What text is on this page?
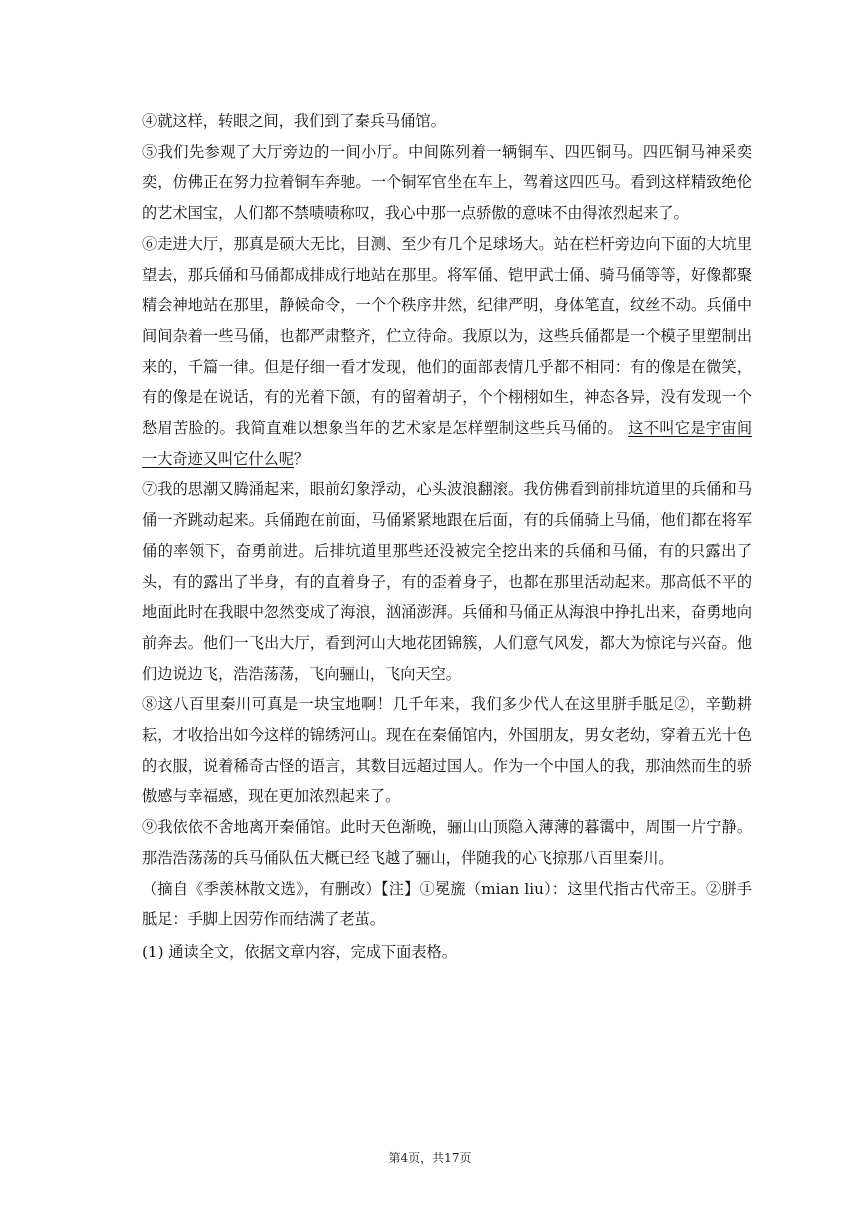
④就这样，转眼之间，我们到了秦兵马俑馆。

⑤我们先参观了大厅旁边的一间小厅。中间陈列着一辆铜车、四匹铜马。四匹铜马神采奕奕，仿佛正在努力拉着铜车奔驰。一个铜军官坐在车上，驾着这四匹马。看到这样精致绝伦的艺术国宝，人们都不禁啧啧称叹，我心中那一点骄傲的意味不由得浓烈起来了。

⑥走进大厅，那真是硕大无比，目测、至少有几个足球场大。站在栏杆旁边向下面的大坑里望去，那兵俑和马俑都成排成行地站在那里。将军俑、铠甲武士俑、骑马俑等等，好像都聚精会神地站在那里，静候命令，一个个秩序井然，纪律严明，身体笔直，纹丝不动。兵俑中间间杂着一些马俑，也都严肃整齐，伫立待命。我原以为，这些兵俑都是一个模子里塑制出来的，千篇一律。但是仔细一看才发现，他们的面部表情几乎都不相同：有的像是在微笑，有的像是在说话，有的光着下颌，有的留着胡子，个个栩栩如生，神态各异，没有发现一个愁眉苦脸的。我简直难以想象当年的艺术家是怎样塑制这些兵马俑的。 这不叫它是宇宙间一大奇迹又叫它什么呢？

⑦我的思潮又腾涌起来，眼前幻象浮动，心头波浪翻滚。我仿佛看到前排坑道里的兵俑和马俑一齐跳动起来。兵俑跑在前面，马俑紧紧地跟在后面，有的兵俑骑上马俑，他们都在将军俑的率领下，奋勇前进。后排坑道里那些还没被完全挖出来的兵俑和马俑，有的只露出了头，有的露出了半身，有的直着身子，有的歪着身子，也都在那里活动起来。那高低不平的地面此时在我眼中忽然变成了海浪，汹涌澎湃。兵俑和马俑正从海浪中挣扎出来，奋勇地向前奔去。他们一飞出大厅，看到河山大地花团锦簇，人们意气风发，都大为惊诧与兴奋。他们边说边飞，浩浩荡荡，飞向骊山，飞向天空。

⑧这八百里秦川可真是一块宝地啊！几千年来，我们多少代人在这里胼手胝足②，辛勤耕耘，才收拾出如今这样的锦绣河山。现在在秦俑馆内，外国朋友，男女老幼，穿着五光十色的衣服，说着稀奇古怪的语言，其数目远超过国人。作为一个中国人的我，那油然而生的骄傲感与幸福感，现在更加浓烈起来了。

⑨我依依不舍地离开秦俑馆。此时天色渐晚，骊山山顶隐入薄薄的暮霭中，周围一片宁静。那浩浩荡荡的兵马俑队伍大概已经飞越了骊山，伴随我的心飞掠那八百里秦川。

（摘自《季羡林散文选》，有删改）【注】①冕旒（mian liu）：这里代指古代帝王。②胼手胝足：手脚上因劳作而结满了老茧。

(1) 通读全文，依据文章内容，完成下面表格。

第4页，共17页
